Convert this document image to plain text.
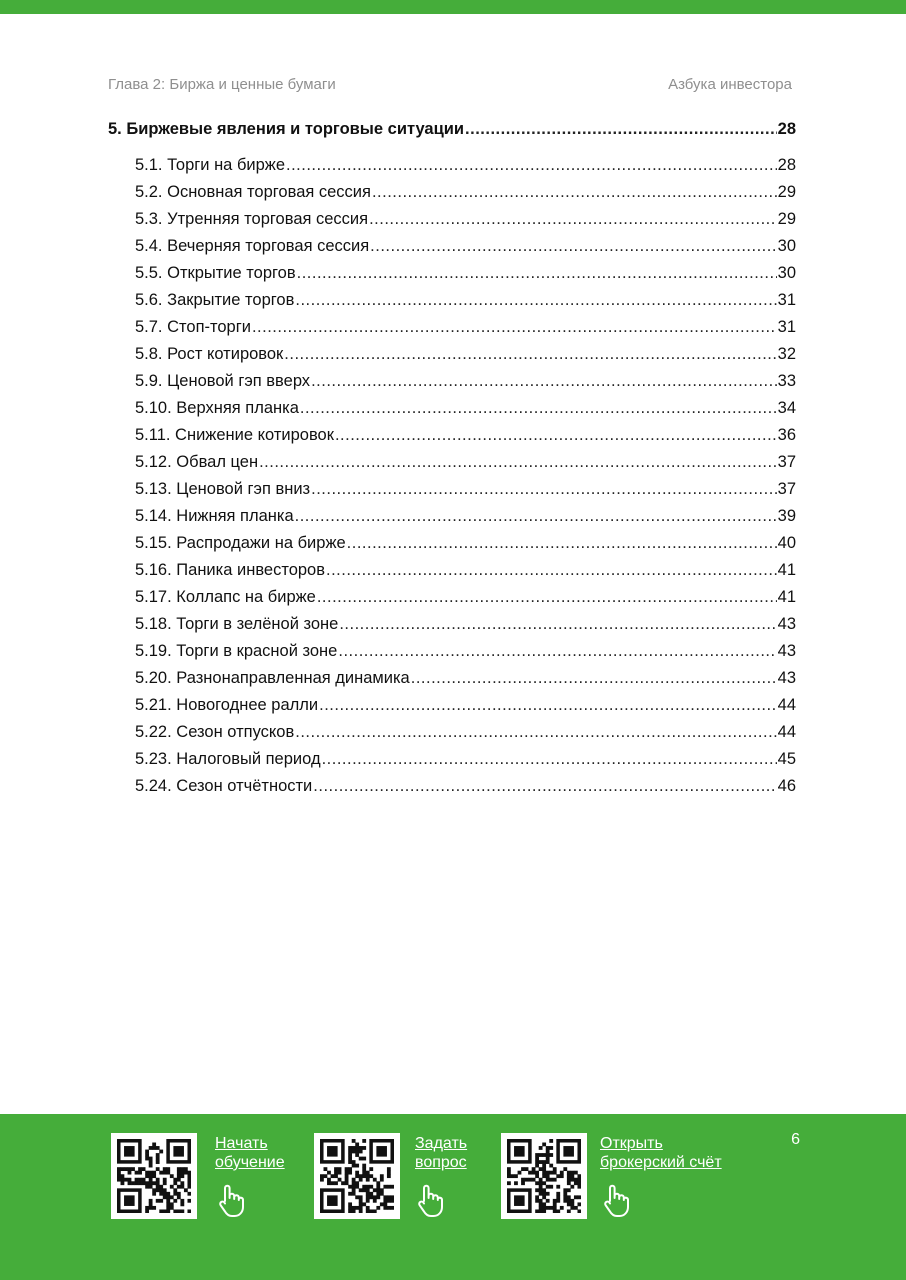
Глава 2: Биржа и ценные бумаги	Азбука инвестора
5. Биржевые явления и торговые ситуации .....	28
5.1. Торги на бирже .....	28
5.2. Основная торговая сессия .....	29
5.3. Утренняя торговая сессия .....	29
5.4. Вечерняя торговая сессия .....	30
5.5. Открытие торгов .....	30
5.6. Закрытие торгов .....	31
5.7. Стоп-торги .....	31
5.8. Рост котировок .....	32
5.9. Ценовой гэп вверх .....	33
5.10. Верхняя планка .....	34
5.11. Снижение котировок .....	36
5.12. Обвал цен .....	37
5.13. Ценовой гэп вниз .....	37
5.14. Нижняя планка .....	39
5.15. Распродажи на бирже .....	40
5.16. Паника инвесторов .....	41
5.17. Коллапс на бирже .....	41
5.18. Торги в зелёной зоне .....	43
5.19. Торги в красной зоне .....	43
5.20. Разнонаправленная динамика .....	43
5.21. Новогоднее ралли .....	44
5.22. Сезон отпусков .....	44
5.23. Налоговый период .....	45
5.24. Сезон отчётности .....	46
Начать
обучение
Задать
вопрос
Открыть
брокерский счёт
6
